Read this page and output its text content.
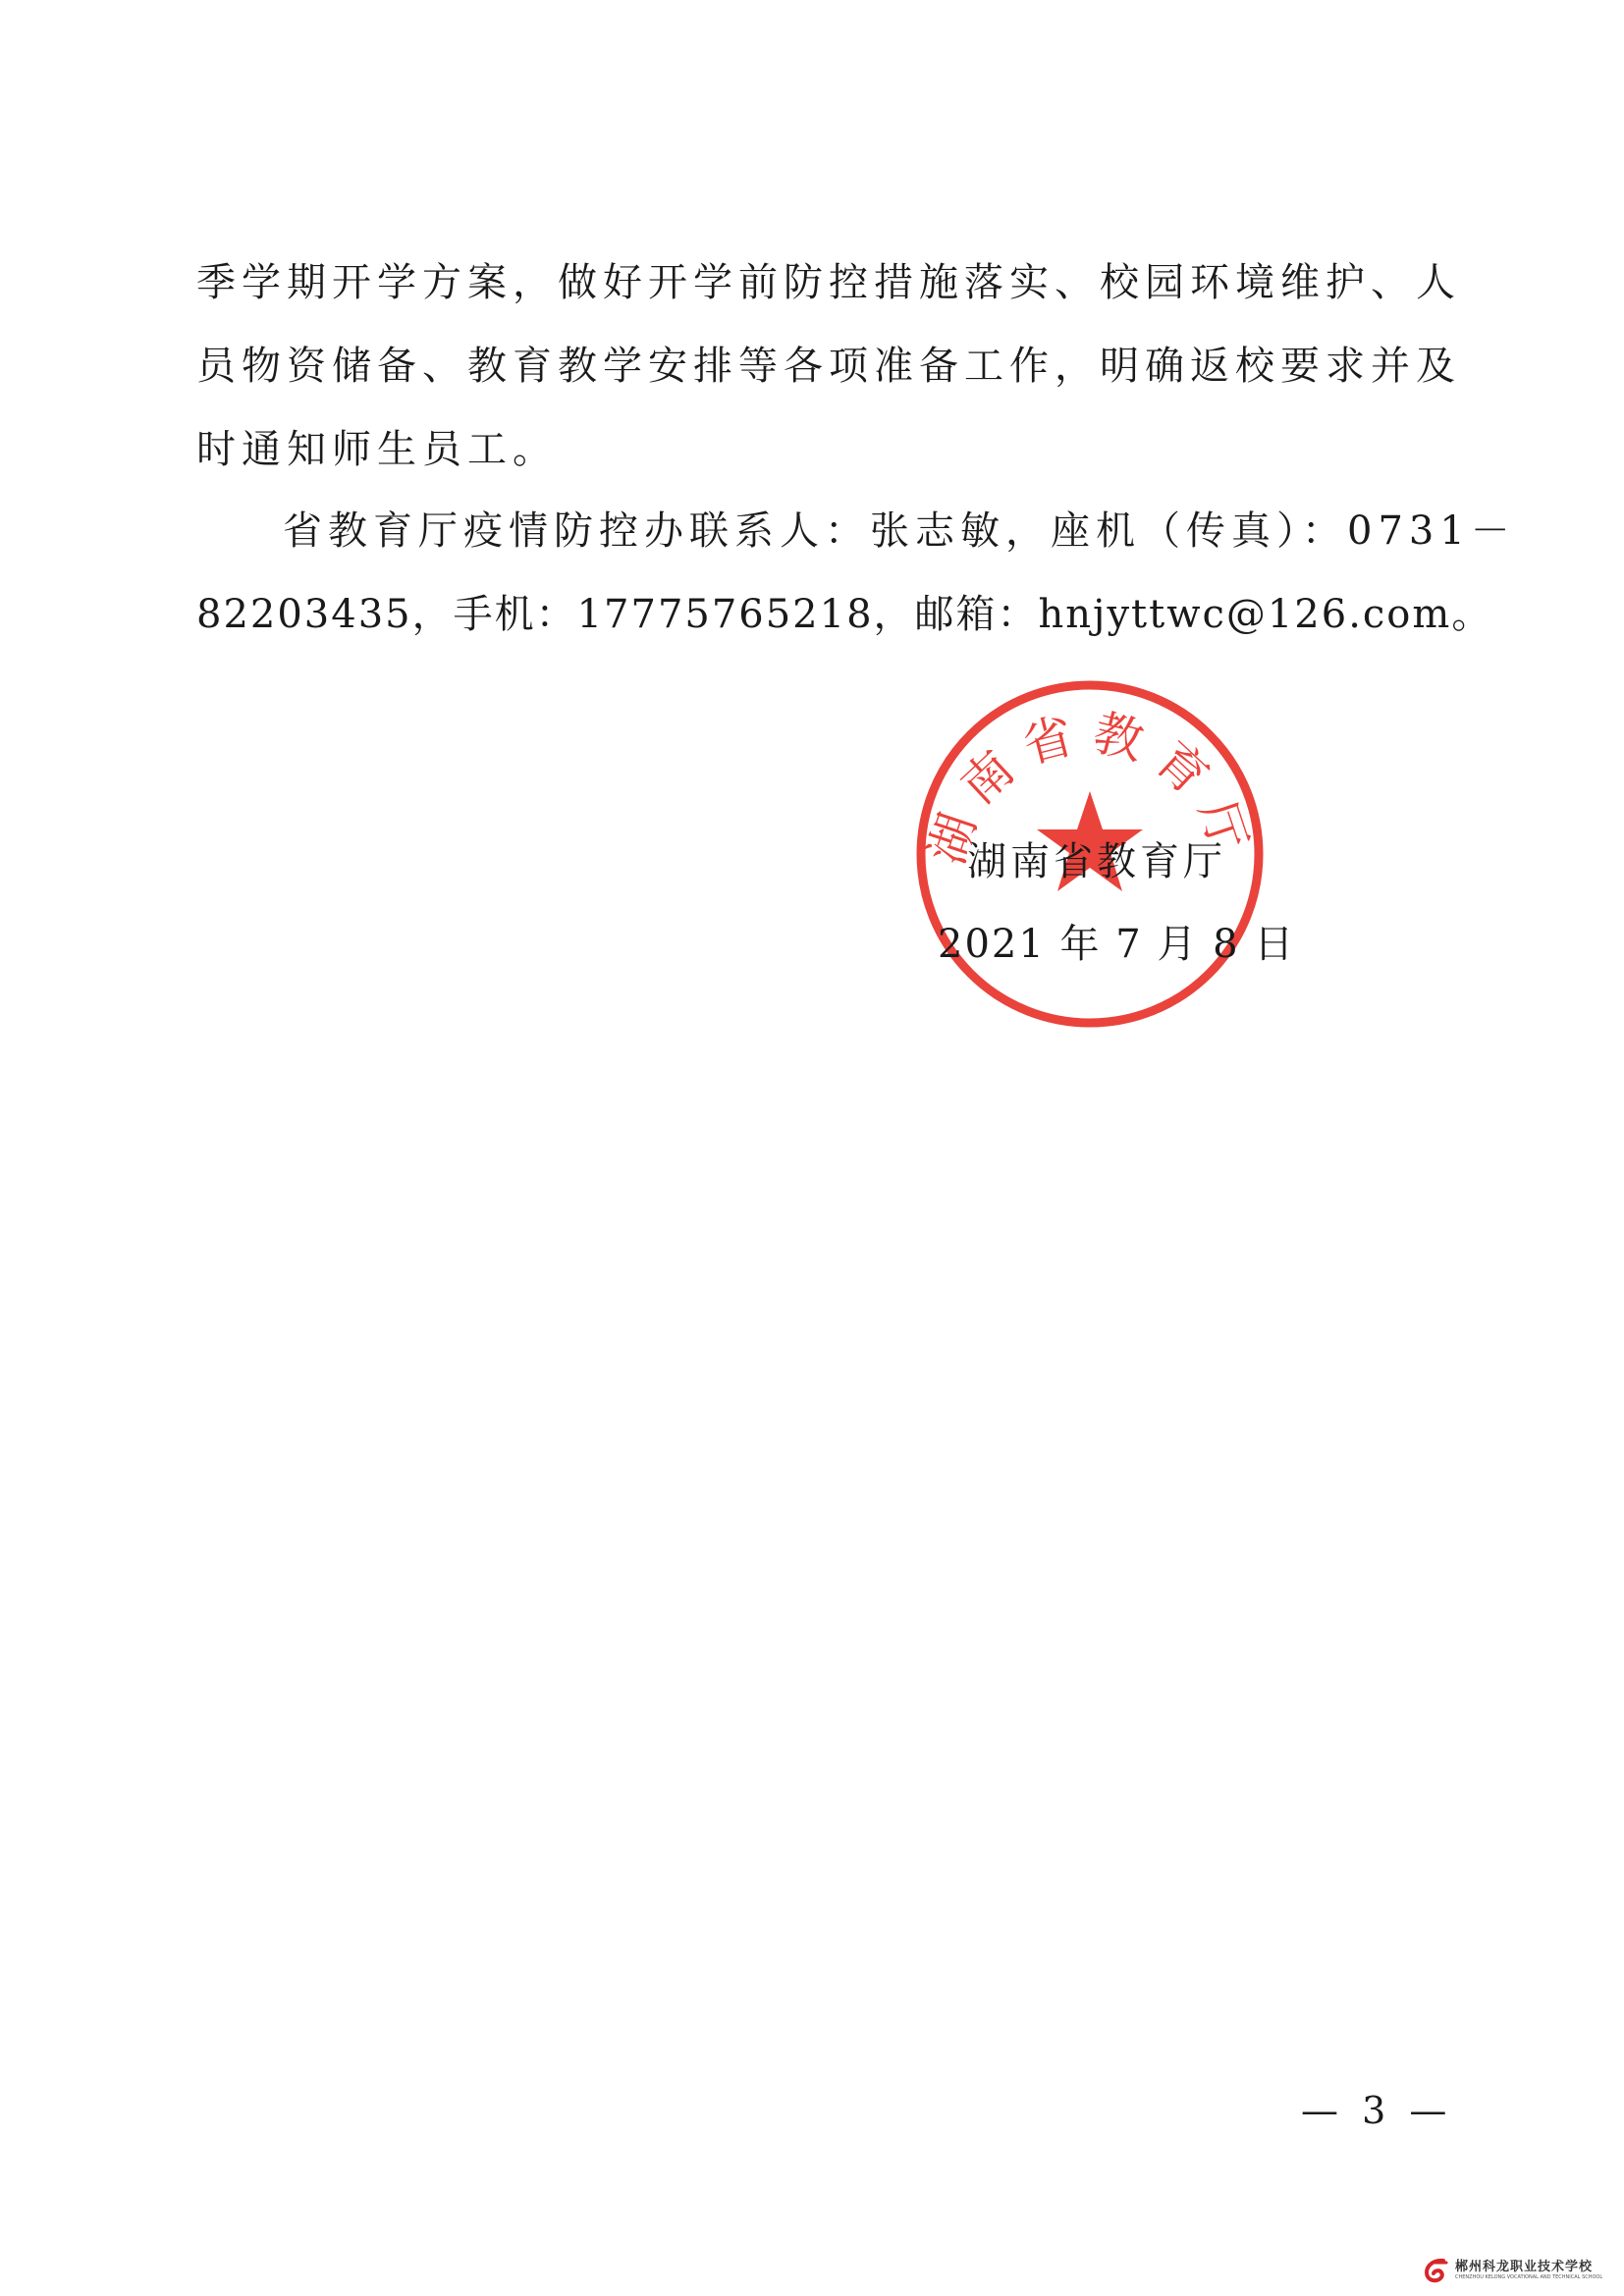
季学期开学方案，做好开学前防控措施落实、校园环境维护、人
员物资储备、教育教学安排等各项准备工作，明确返校要求并及
时通知师生员工。
省教育厅疫情防控办联系人：张志敏，座机（传真）：0731－
82203435，手机：17775765218，邮箱：hnjyttwc@126.com。
湖南省教育厅
湖南省教育厅
2021 年 7 月 8 日
— 3 —
郴州科龙职业技术学校
CHENZHOU KELONG VOCATIONAL AND TECHNICAL SCHOOL
